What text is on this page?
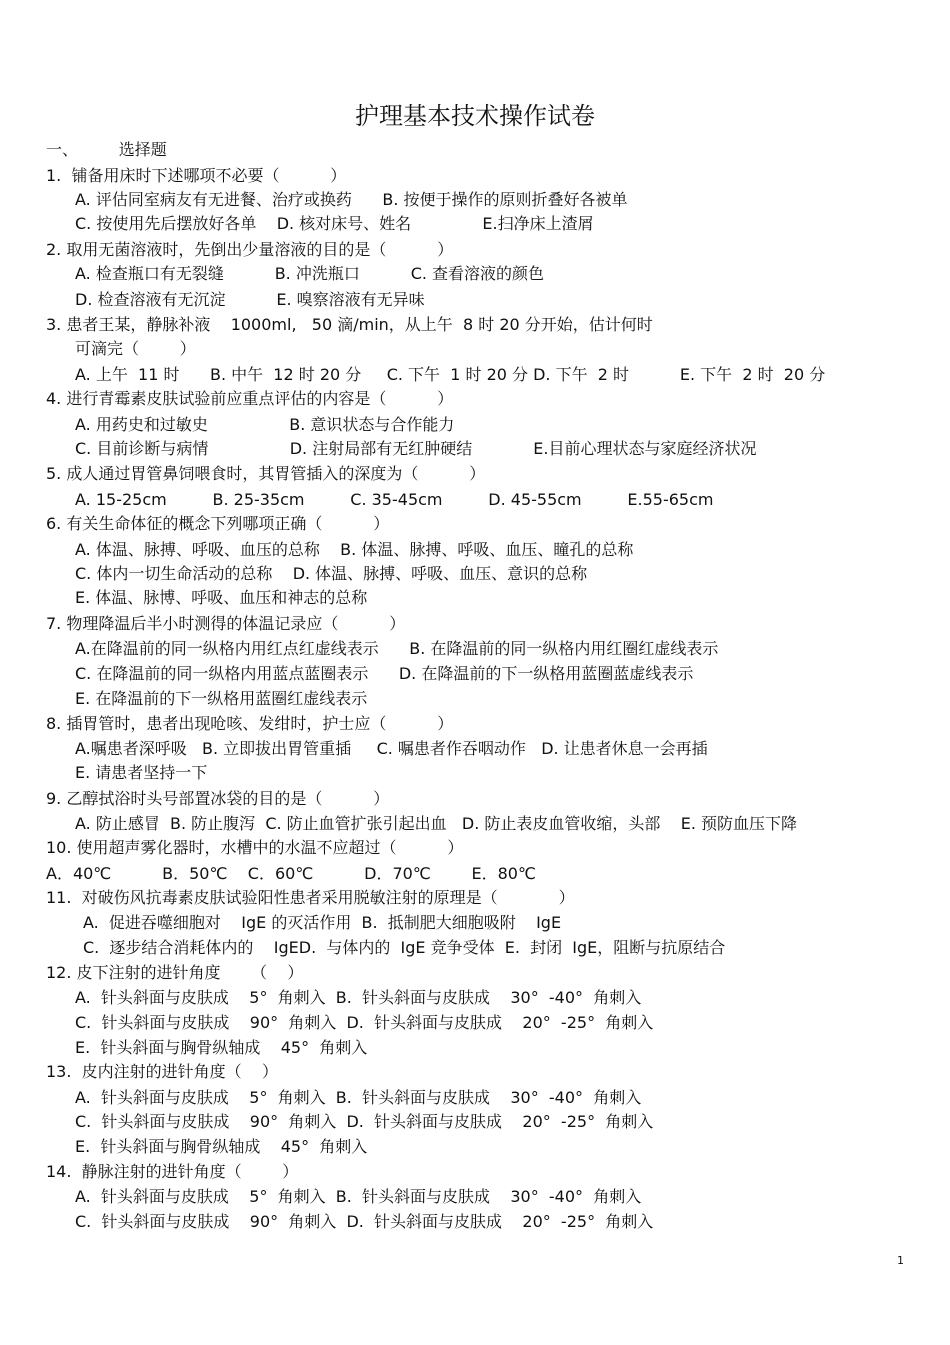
护理基本技术操作试卷
一、        选择题
1.  铺备用床时下述哪项不必要（          ）
A. 评估同室病友有无进餐、治疗或换药      B. 按便于操作的原则折叠好各被单
C. 按使用先后摆放好各单    D. 核对床号、姓名              E.扫净床上渣屑
2. 取用无菌溶液时，先倒出少量溶液的目的是（          ）
A. 检查瓶口有无裂缝          B. 冲洗瓶口          C. 查看溶液的颜色
D. 检查溶液有无沉淀          E. 嗅察溶液有无异味
3. 患者王某，静脉补液    1000ml,   50 滴/min，从上午  8 时 20 分开始，估计何时
可滴完（        ）
A. 上午  11 时      B. 中午  12 时 20 分     C. 下午  1 时 20 分 D. 下午  2 时          E. 下午  2 时  20 分
4. 进行青霉素皮肤试验前应重点评估的内容是（          ）
A. 用药史和过敏史                B. 意识状态与合作能力
C. 目前诊断与病情                D. 注射局部有无红肿硬结            E.目前心理状态与家庭经济状况
5. 成人通过胃管鼻饲喂食时，其胃管插入的深度为（          ）
A. 15-25cm         B. 25-35cm         C. 35-45cm         D. 45-55cm         E.55-65cm
6. 有关生命体征的概念下列哪项正确（          ）
A. 体温、脉搏、呼吸、血压的总称    B. 体温、脉搏、呼吸、血压、瞳孔的总称
C. 体内一切生命活动的总称    D. 体温、脉搏、呼吸、血压、意识的总称
E. 体温、脉博、呼吸、血压和神志的总称
7. 物理降温后半小时测得的体温记录应（          ）
A.在降温前的同一纵格内用红点红虚线表示      B. 在降温前的同一纵格内用红圈红虚线表示
C. 在降温前的同一纵格内用蓝点蓝圈表示      D. 在降温前的下一纵格用蓝圈蓝虚线表示
E. 在降温前的下一纵格用蓝圈红虚线表示
8. 插胃管时，患者出现呛咳、发绀时，护士应（          ）
A.嘱患者深呼吸   B. 立即拔出胃管重插     C. 嘱患者作吞咽动作   D. 让患者休息一会再插
E. 请患者坚持一下
9. 乙醇拭浴时头号部置冰袋的目的是（          ）
A. 防止感冒  B. 防止腹泻  C. 防止血管扩张引起出血   D. 防止表皮血管收缩，头部    E. 预防血压下降
10. 使用超声雾化器时，水槽中的水温不应超过（          ）
A．40℃          B．50℃    C．60℃          D．70℃        E．80℃
11.  对破伤风抗毒素皮肤试验阳性患者采用脱敏注射的原理是（            ）
A.  促进吞噬细胞对    IgE 的灭活作用  B.  抵制肥大细胞吸附    IgE
C.  逐步结合消耗体内的    IgED.  与体内的  IgE 竞争受体  E.  封闭  IgE，阻断与抗原结合
12. 皮下注射的进针角度      （    ）
A.  针头斜面与皮肤成    5°  角刺入  B.  针头斜面与皮肤成    30°  -40°  角刺入
C.  针头斜面与皮肤成    90°  角刺入  D.  针头斜面与皮肤成    20°  -25°  角刺入
E.  针头斜面与胸骨纵轴成    45°  角刺入
13.  皮内注射的进针角度（    ）
A.  针头斜面与皮肤成    5°  角刺入  B.  针头斜面与皮肤成    30°  -40°  角刺入
C.  针头斜面与皮肤成    90°  角刺入  D.  针头斜面与皮肤成    20°  -25°  角刺入
E.  针头斜面与胸骨纵轴成    45°  角刺入
14.  静脉注射的进针角度（        ）
A.  针头斜面与皮肤成    5°  角刺入  B.  针头斜面与皮肤成    30°  -40°  角刺入
C.  针头斜面与皮肤成    90°  角刺入  D.  针头斜面与皮肤成    20°  -25°  角刺入
1
